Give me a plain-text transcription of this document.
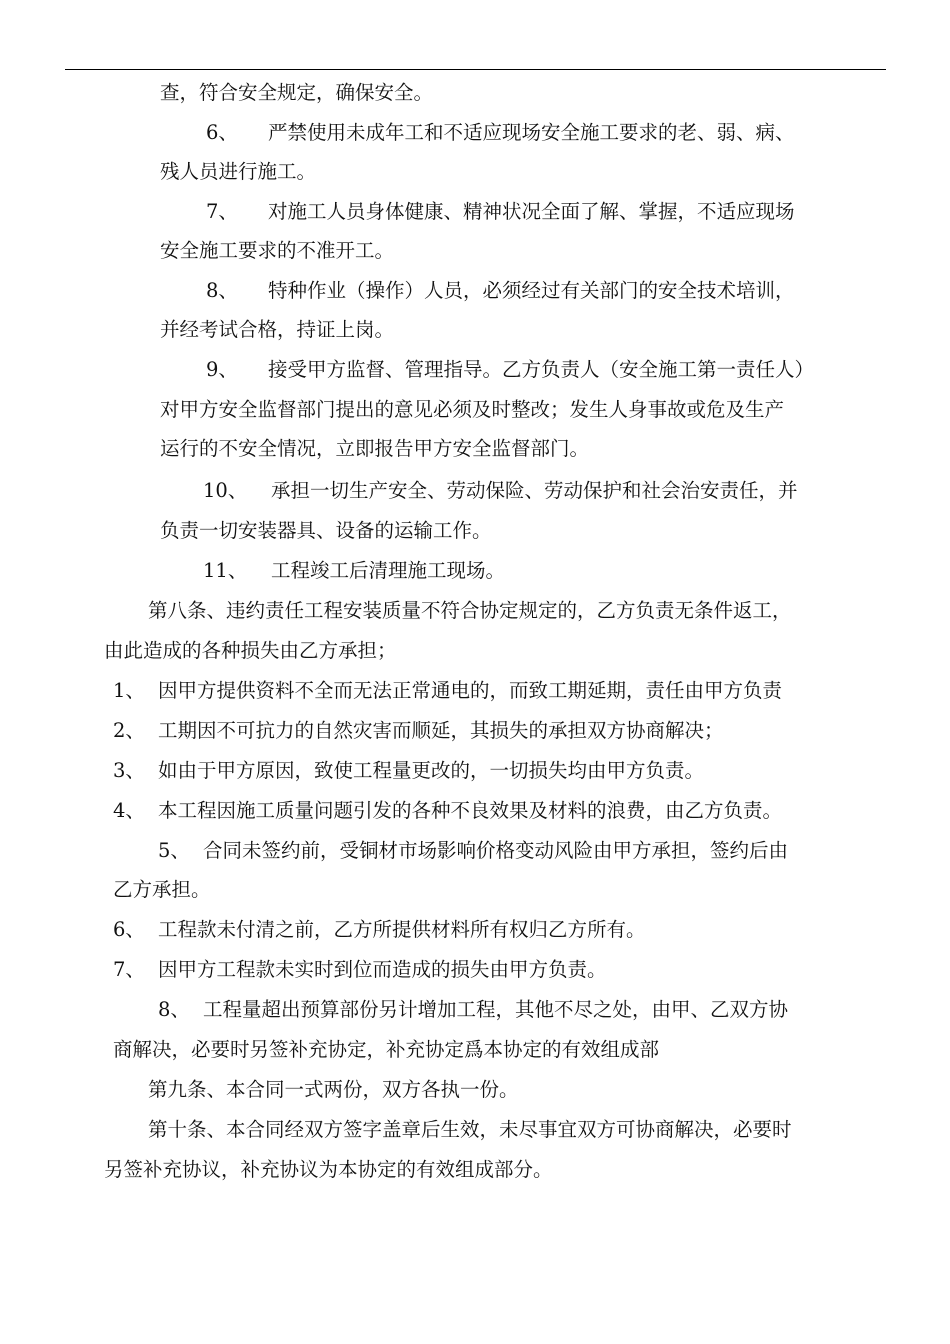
查，符合安全规定，确保安全。
6、 严禁使用未成年工和不适应现场安全施工要求的老、弱、病、
残人员进行施工。
7、 对施工人员身体健康、精神状况全面了解、掌握，不适应现场
安全施工要求的不准开工。
8、 特种作业（操作）人员，必须经过有关部门的安全技术培训，
并经考试合格，持证上岗。
9、 接受甲方监督、管理指导。乙方负责人（安全施工第一责任人）
对甲方安全监督部门提出的意见必须及时整改；发生人身事故或危及生产
运行的不安全情况，立即报告甲方安全监督部门。
10、 承担一切生产安全、劳动保险、劳动保护和社会治安责任，并
负责一切安装器具、设备的运输工作。
11、 工程竣工后清理施工现场。
第八条、违约责任工程安装质量不符合协定规定的，乙方负责无条件返工，
由此造成的各种损失由乙方承担；
1、 因甲方提供资料不全而无法正常通电的，而致工期延期，责任由甲方负责
2、 工期因不可抗力的自然灾害而顺延，其损失的承担双方协商解决；
3、 如由于甲方原因，致使工程量更改的，一切损失均由甲方负责。
4、 本工程因施工质量问题引发的各种不良效果及材料的浪费，由乙方负责。
5、 合同未签约前，受铜材市场影响价格变动风险由甲方承担，签约后由
乙方承担。
6、 工程款未付清之前，乙方所提供材料所有权归乙方所有。
7、 因甲方工程款未实时到位而造成的损失由甲方负责。
8、 工程量超出预算部份另计增加工程，其他不尽之处，由甲、乙双方协
商解决，必要时另签补充协定，补充协定爲本协定的有效组成部
第九条、本合同一式两份，双方各执一份。
第十条、本合同经双方签字盖章后生效，未尽事宜双方可协商解决，必要时
另签补充协议，补充协议为本协定的有效组成部分。
